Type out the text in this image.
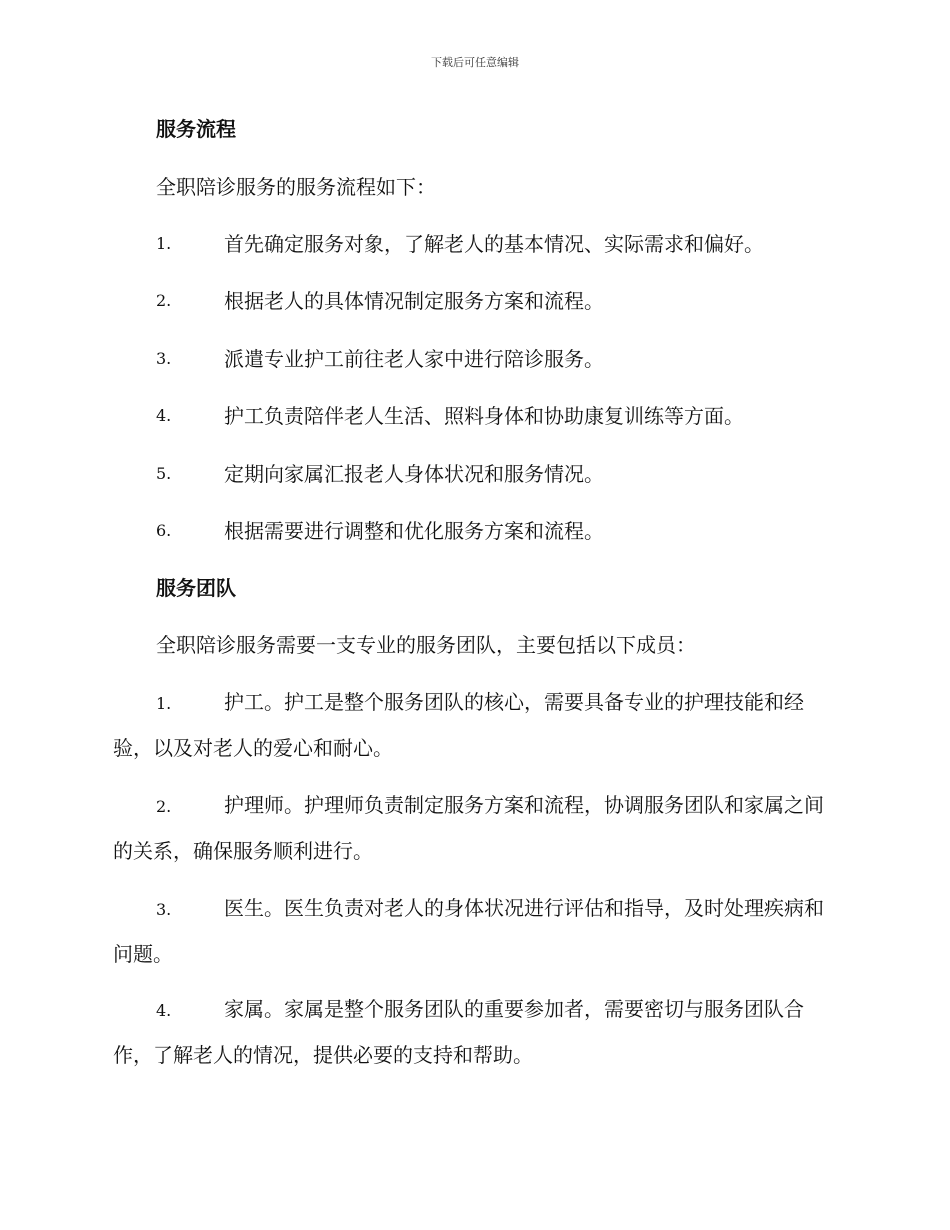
下载后可任意编辑
服务流程
全职陪诊服务的服务流程如下：
1.	首先确定服务对象，了解老人的基本情况、实际需求和偏好。
2.	根据老人的具体情况制定服务方案和流程。
3.	派遣专业护工前往老人家中进行陪诊服务。
4.	护工负责陪伴老人生活、照料身体和协助康复训练等方面。
5.	定期向家属汇报老人身体状况和服务情况。
6.	根据需要进行调整和优化服务方案和流程。
服务团队
全职陪诊服务需要一支专业的服务团队，主要包括以下成员：
1.	护工。护工是整个服务团队的核心，需要具备专业的护理技能和经验，以及对老人的爱心和耐心。
2.	护理师。护理师负责制定服务方案和流程，协调服务团队和家属之间的关系，确保服务顺利进行。
3.	医生。医生负责对老人的身体状况进行评估和指导，及时处理疾病和问题。
4.	家属。家属是整个服务团队的重要参加者，需要密切与服务团队合作，了解老人的情况，提供必要的支持和帮助。
